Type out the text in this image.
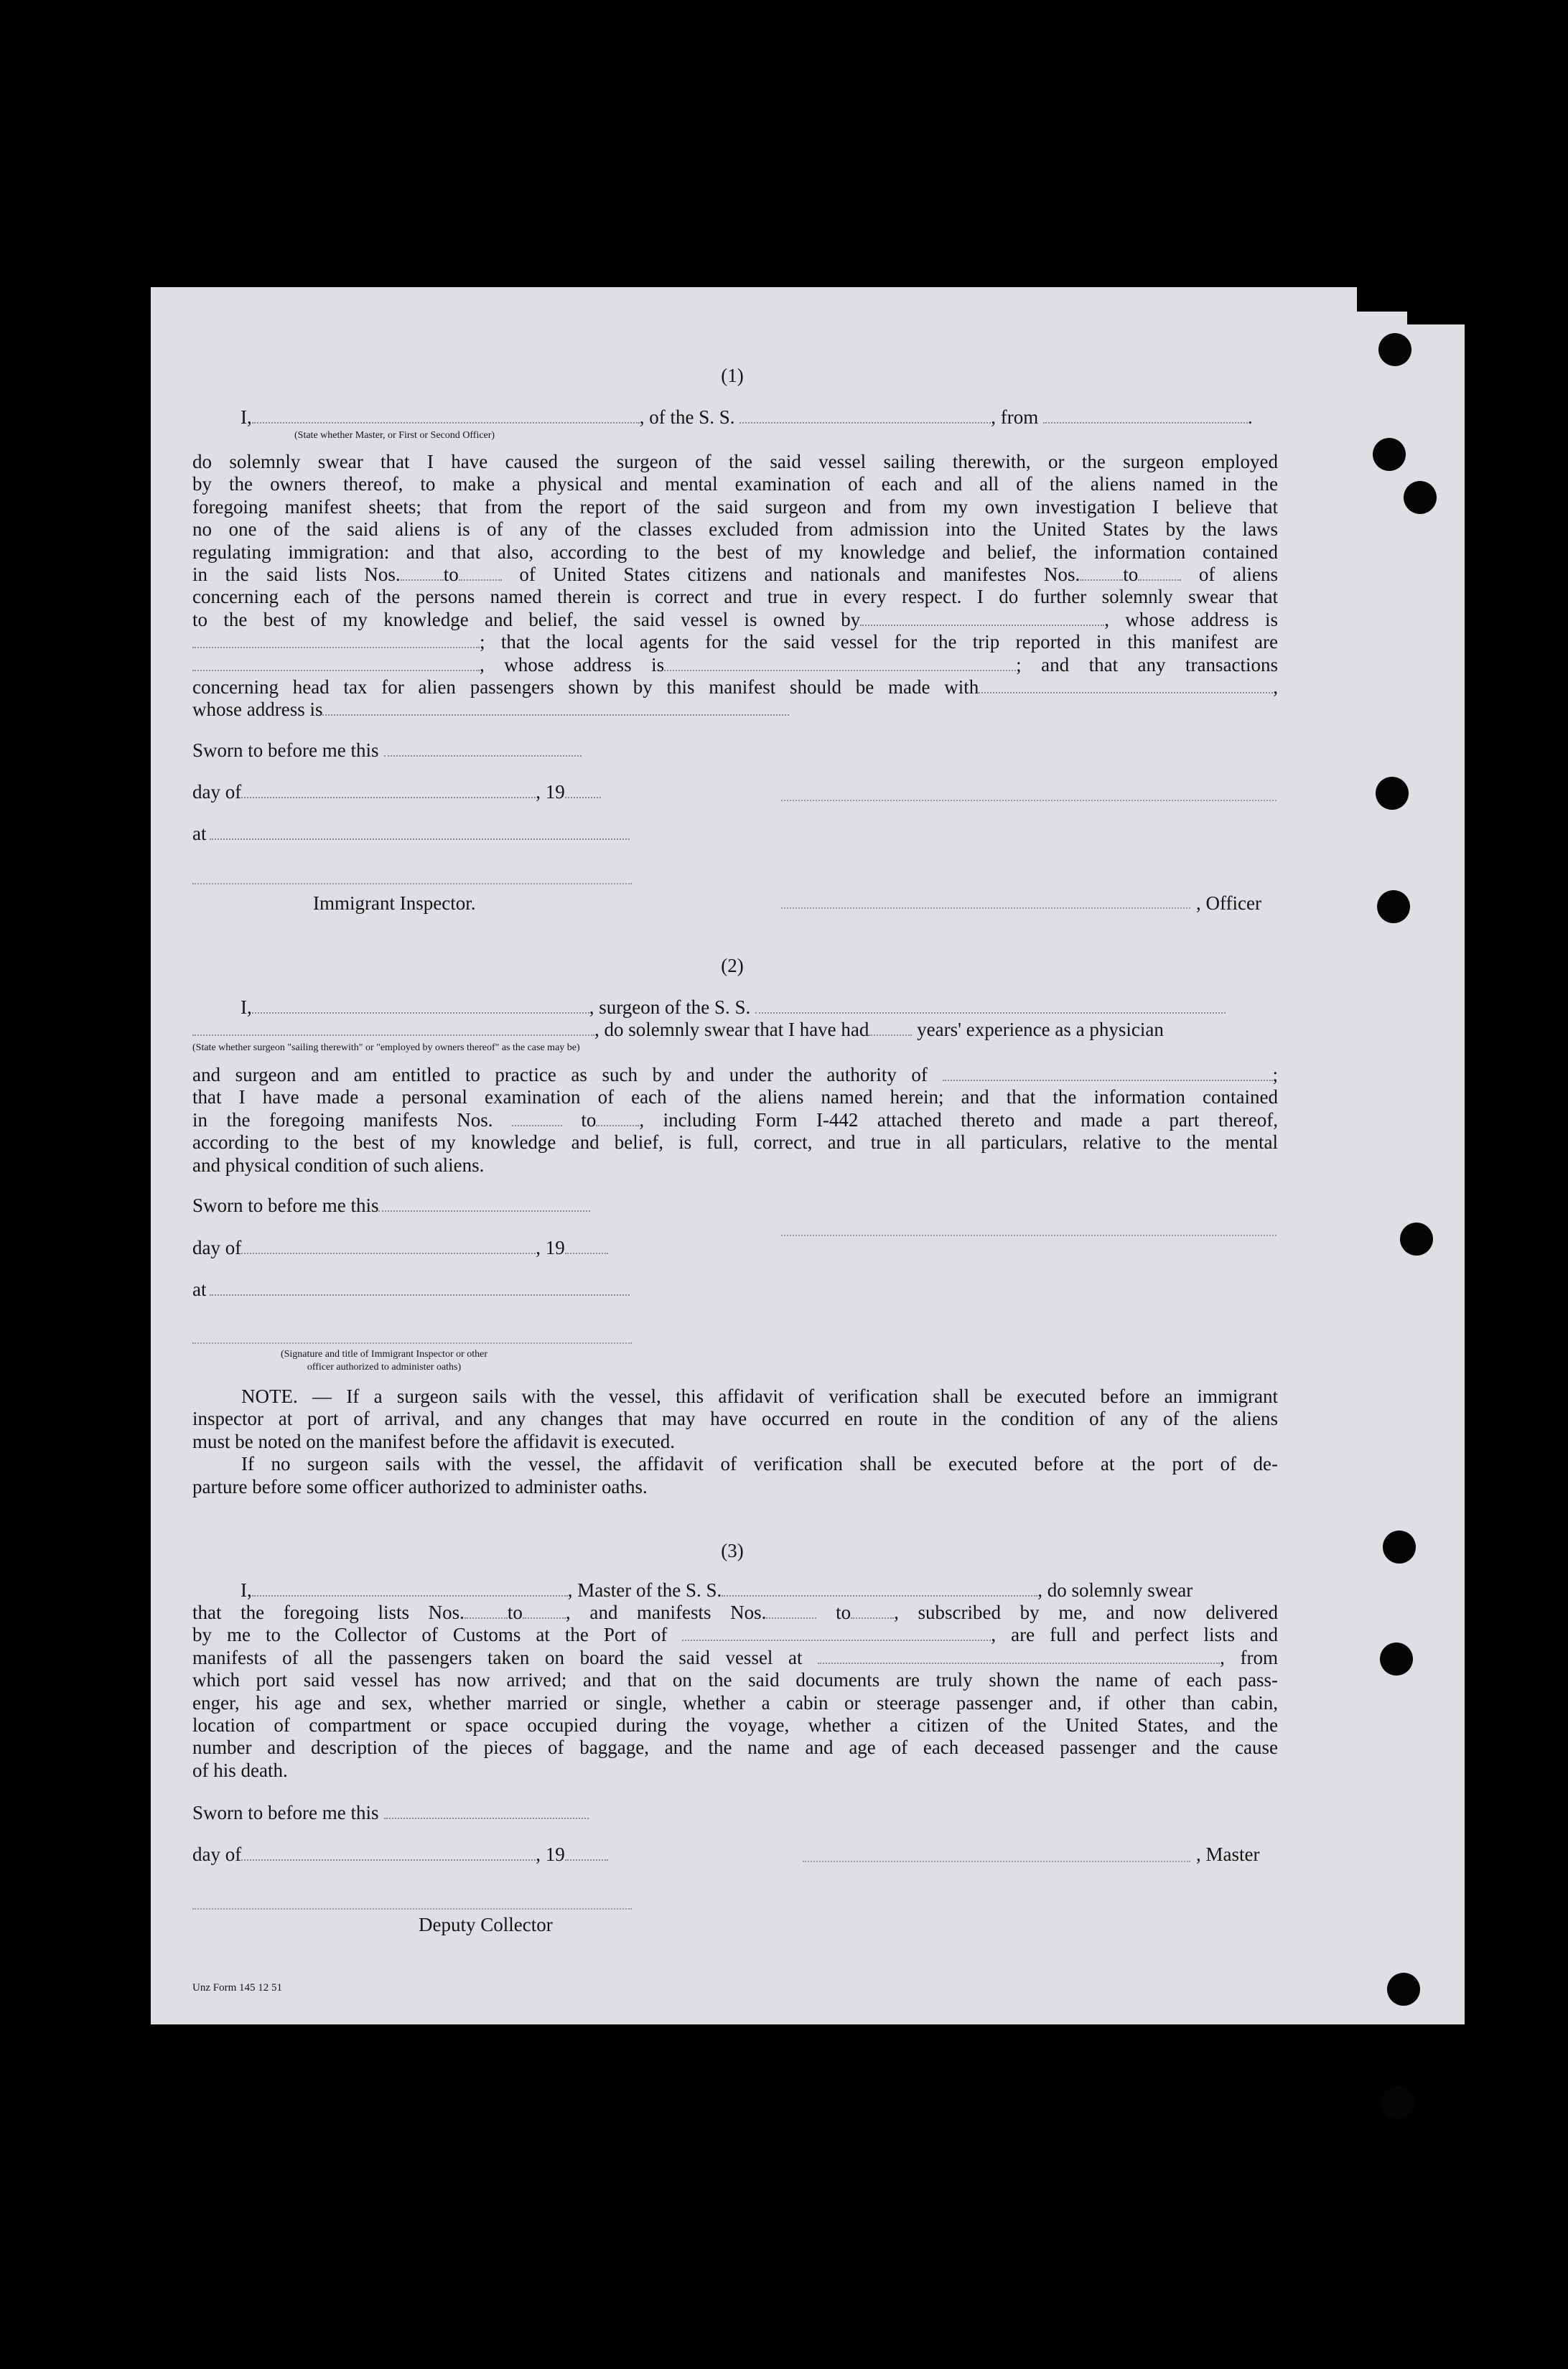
(1)
I,	, of the S. S.	, from	.
(State whether Master, or First or Second Officer)
do solemnly swear that I have caused the surgeon of the said vessel sailing therewith, or the surgeon employed
by the owners thereof, to make a physical and mental examination of each and all of the aliens named in the
foregoing manifest sheets; that from the report of the said surgeon and from my own investigation I believe that
no one of the said aliens is of any of the classes excluded from admission into the United States by the laws
regulating immigration: and that also, according to the best of my knowledge and belief, the information contained
in the said lists Nos. to	of United States citizens and nationals and manifestes Nos. to	of aliens
concerning each of the persons named therein is correct and true in every respect. I do further solemnly swear that
to the best of my knowledge and belief, the said vessel is owned by	, whose address is
; that the local agents for the said vessel for the trip reported in this manifest are
, whose address is	; and that any transactions
concerning head tax for alien passengers shown by this manifest should be made with	,
whose address is
Sworn to before me this
day of	, 19
at
Immigrant Inspector.	, Officer
(2)
I,	, surgeon of the S. S.
, do solemnly swear that I have had years' experience as a physician
(State whether surgeon "sailing therewith" or "employed by owners thereof" as the case may be)
and surgeon and am entitled to practice as such by and under the authority of	;
that I have made a personal examination of each of the aliens named herein; and that the information contained
in the foregoing manifests Nos.	to , including Form I-442 attached thereto and made a part thereof,
according to the best of my knowledge and belief, is full, correct, and true in all particulars, relative to the mental
and physical condition of such aliens.
Sworn to before me this
day of	, 19
at
(Signature and title of Immigrant Inspector or other
officer authorized to administer oaths)
NOTE. — If a surgeon sails with the vessel, this affidavit of verification shall be executed before an immigrant
inspector at port of arrival, and any changes that may have occurred en route in the condition of any of the aliens
must be noted on the manifest before the affidavit is executed.
If no surgeon sails with the vessel, the affidavit of verification shall be executed before at the port of de-
parture before some officer authorized to administer oaths.
(3)
I,	, Master of the S. S.	, do solemnly swear
that the foregoing lists Nos. to , and manifests Nos.	to , subscribed by me, and now delivered
by me to the Collector of Customs at the Port of	, are full and perfect lists and
manifests of all the passengers taken on board the said vessel at	, from
which port said vessel has now arrived; and that on the said documents are truly shown the name of each pass-
enger, his age and sex, whether married or single, whether a cabin or steerage passenger and, if other than cabin,
location of compartment or space occupied during the voyage, whether a citizen of the United States, and the
number and description of the pieces of baggage, and the name and age of each deceased passenger and the cause
of his death.
Sworn to before me this
day of	, 19	, Master
Deputy Collector
Unz Form 145 12 51
